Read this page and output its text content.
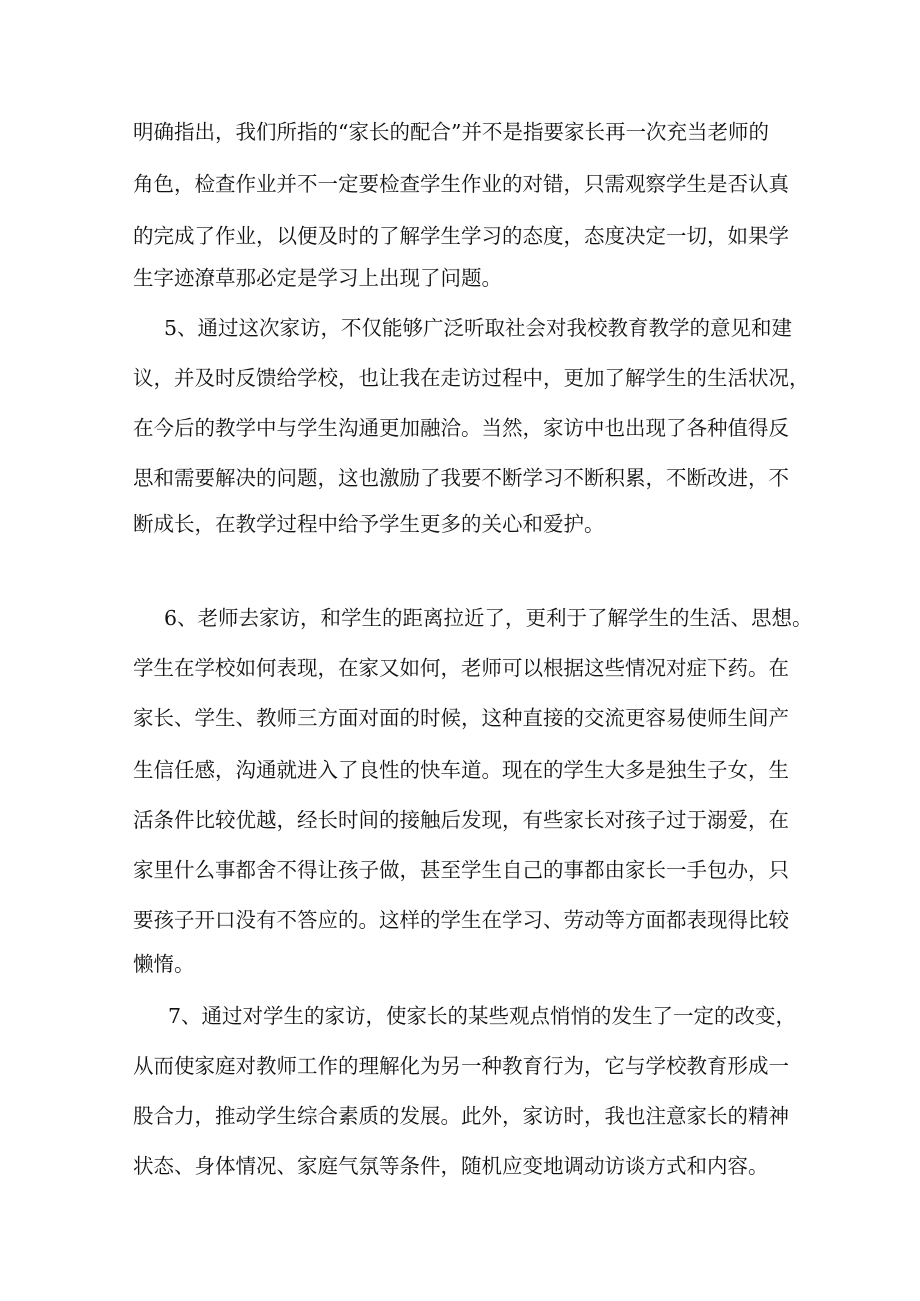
明确指出，我们所指的“家长的配合”并不是指要家长再一次充当老师的

角色，检查作业并不一定要检查学生作业的对错，只需观察学生是否认真

的完成了作业，以便及时的了解学生学习的态度，态度决定一切，如果学

生字迹潦草那必定是学习上出现了问题。

5、通过这次家访，不仅能够广泛听取社会对我校教育教学的意见和建

议，并及时反馈给学校，也让我在走访过程中，更加了解学生的生活状况，

在今后的教学中与学生沟通更加融洽。当然，家访中也出现了各种值得反

思和需要解决的问题，这也激励了我要不断学习不断积累，不断改进，不

断成长，在教学过程中给予学生更多的关心和爱护。

6、老师去家访，和学生的距离拉近了，更利于了解学生的生活、思想。

学生在学校如何表现，在家又如何，老师可以根据这些情况对症下药。在

家长、学生、教师三方面对面的时候，这种直接的交流更容易使师生间产

生信任感，沟通就进入了良性的快车道。现在的学生大多是独生子女，生

活条件比较优越，经长时间的接触后发现，有些家长对孩子过于溺爱，在

家里什么事都舍不得让孩子做，甚至学生自己的事都由家长一手包办，只

要孩子开口没有不答应的。这样的学生在学习、劳动等方面都表现得比较

懒惰。

7、通过对学生的家访，使家长的某些观点悄悄的发生了一定的改变，

从而使家庭对教师工作的理解化为另一种教育行为，它与学校教育形成一

股合力，推动学生综合素质的发展。此外，家访时，我也注意家长的精神

状态、身体情况、家庭气氛等条件，随机应变地调动访谈方式和内容。
